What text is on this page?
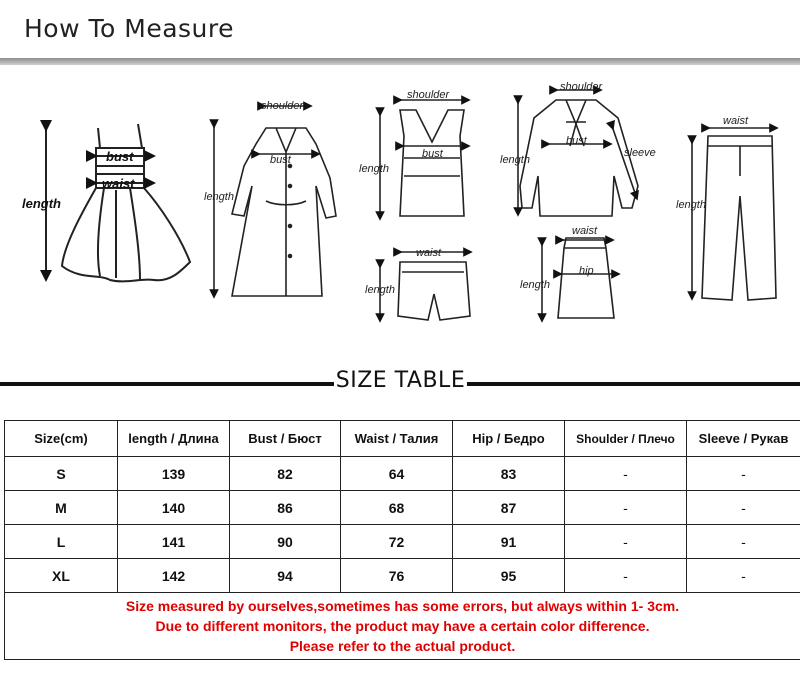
How To Measure
bust
waist
length
shoulder
bust
length
shoulder
bust
length
waist
length
shoulder
bust
sleeve
length
waist
hip
length
waist
length
SIZE TABLE
Size(cm)	length / Длина	Bust / Бюст	Waist / Талия	Hip / Бедро	Shoulder / Плечо	Sleeve / Рукав
S	139	82	64	83	-	-
M	140	86	68	87	-	-
L	141	90	72	91	-	-
XL	142	94	76	95	-	-

Size measured by ourselves,sometimes has some errors, but always within 1- 3cm.
Due to different monitors, the product may have a certain color difference.
Please refer to the actual product.						
